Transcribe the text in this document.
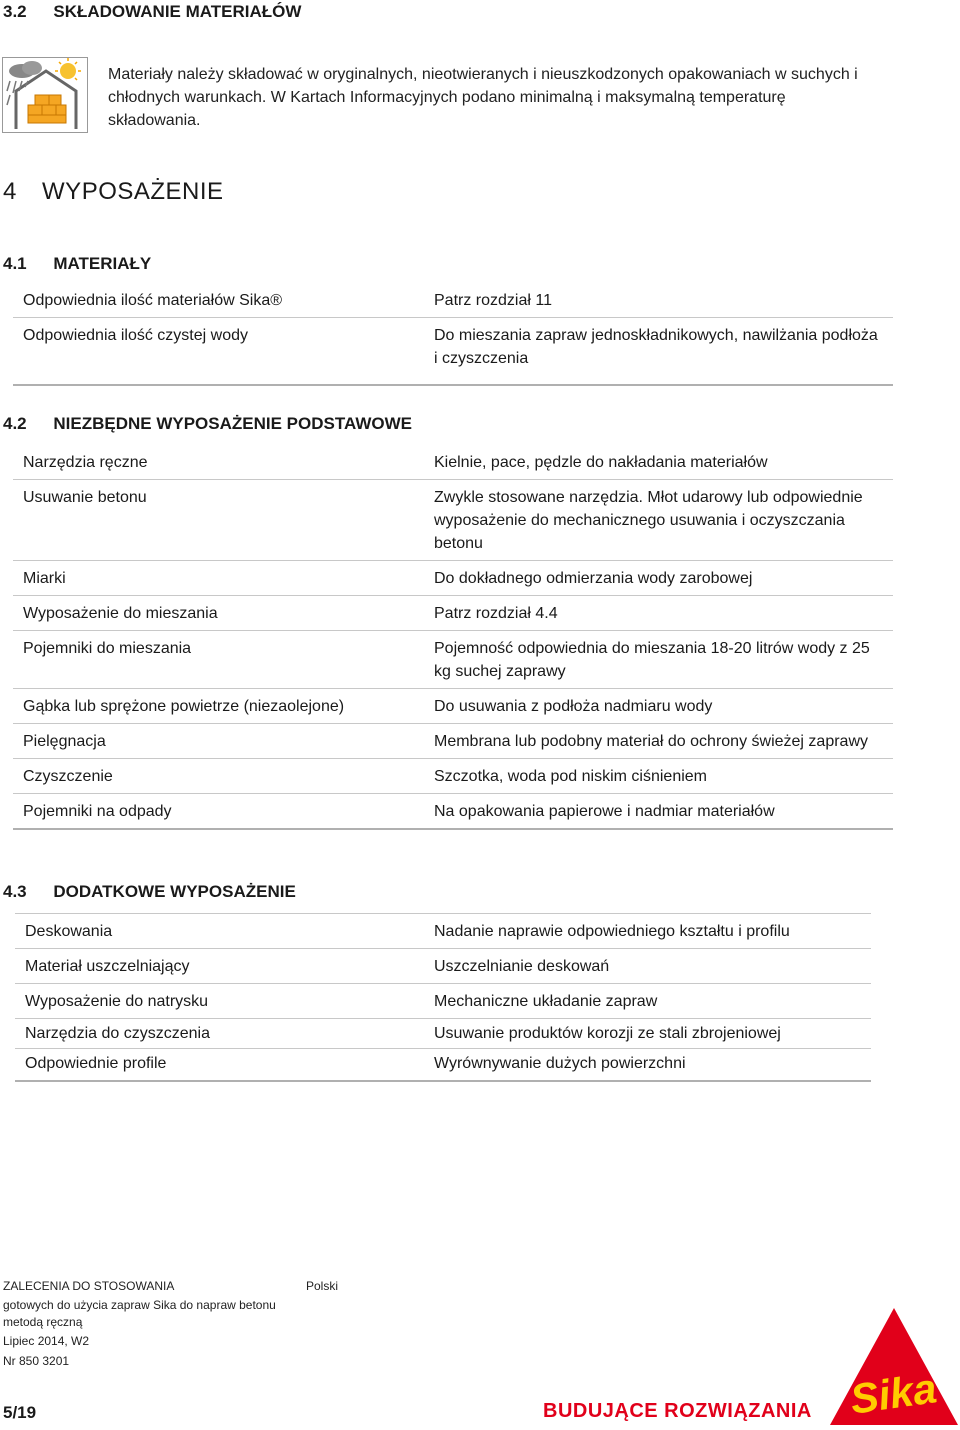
3.2 SKŁADOWANIE MATERIAŁÓW
Materiały należy składować w oryginalnych, nieotwieranych i nieuszkodzonych opakowaniach w suchych i chłodnych warunkach. W Kartach Informacyjnych podano minimalną i maksymalną temperaturę składowania.
4 WYPOSAŻENIE
4.1 MATERIAŁY
Odpowiednia ilość materiałów Sika®	Patrz rozdział 11
Odpowiednia ilość czystej wody	Do mieszania zapraw jednoskładnikowych, nawilżania podłoża i czyszczenia
4.2 NIEZBĘDNE WYPOSAŻENIE PODSTAWOWE
Narzędzia ręczne	Kielnie, pace, pędzle do nakładania materiałów
Usuwanie betonu	Zwykle stosowane narzędzia. Młot udarowy lub odpowiednie wyposażenie do mechanicznego usuwania i oczyszczania betonu
Miarki	Do dokładnego odmierzania wody zarobowej
Wyposażenie do mieszania	Patrz rozdział 4.4
Pojemniki do mieszania	Pojemność odpowiednia do mieszania 18-20 litrów wody z 25 kg suchej zaprawy
Gąbka lub sprężone powietrze (niezaolejone)	Do usuwania z podłoża nadmiaru wody
Pielęgnacja	Membrana lub podobny materiał do ochrony świeżej zaprawy
Czyszczenie	Szczotka, woda pod niskim ciśnieniem
Pojemniki na odpady	Na opakowania papierowe i nadmiar materiałów
4.3 DODATKOWE WYPOSAŻENIE
Deskowania	Nadanie naprawie odpowiedniego kształtu i profilu
Materiał uszczelniający	Uszczelnianie deskowań
Wyposażenie do natrysku	Mechaniczne układanie zapraw
Narzędzia do czyszczenia	Usuwanie produktów korozji ze stali zbrojeniowej
Odpowiednie profile	Wyrównywanie dużych powierzchni
ZALECENIA DO STOSOWANIA	Polski
gotowych do użycia zapraw Sika do napraw betonu
metodą ręczną
Lipiec 2014, W2
Nr 850 3201
5/19	BUDUJĄCE ROZWIĄZANIA Sika
